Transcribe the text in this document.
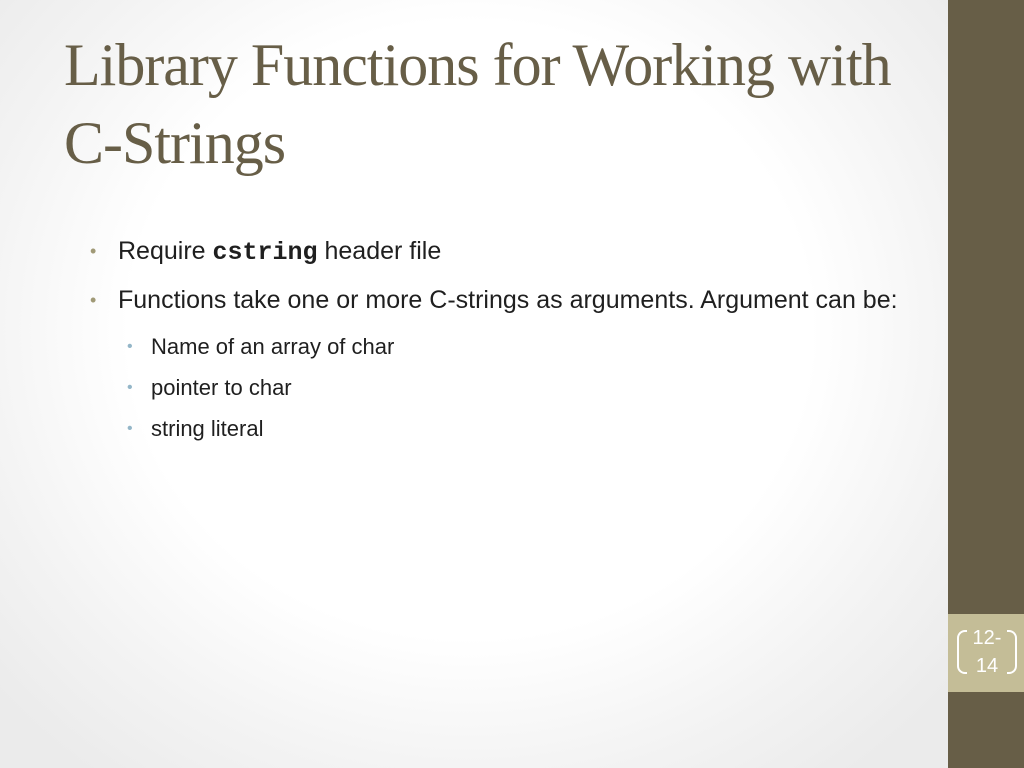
12-
14
Library Functions for Working with C-Strings
• Require cstring header file
• Functions take one or more C-strings as arguments. Argument can be:
• Name of an array of char
• pointer to char
• string literal
